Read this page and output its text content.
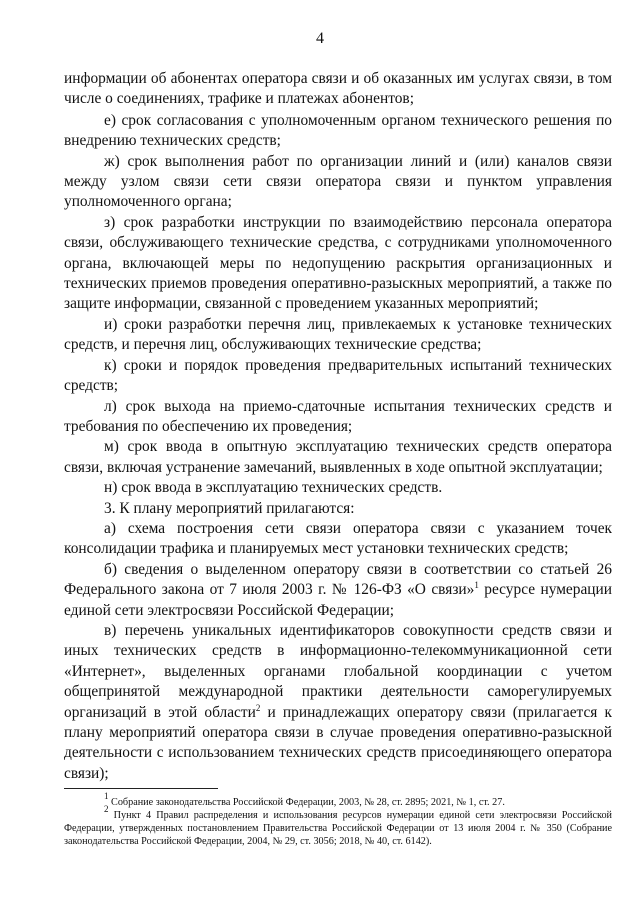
4

информации об абонентах оператора связи и об оказанных им услугах связи, в том числе о соединениях, трафике и платежах абонентов;

е) срок согласования с уполномоченным органом технического решения по внедрению технических средств;

ж) срок выполнения работ по организации линий и (или) каналов связи между узлом связи сети связи оператора связи и пунктом управления уполномоченного органа;

з) срок разработки инструкции по взаимодействию персонала оператора связи, обслуживающего технические средства, с сотрудниками уполномоченного органа, включающей меры по недопущению раскрытия организационных и технических приемов проведения оперативно-разыскных мероприятий, а также по защите информации, связанной с проведением указанных мероприятий;

и) сроки разработки перечня лиц, привлекаемых к установке технических средств, и перечня лиц, обслуживающих технические средства;

к) сроки и порядок проведения предварительных испытаний технических средств;

л) срок выхода на приемо-сдаточные испытания технических средств и требования по обеспечению их проведения;

м) срок ввода в опытную эксплуатацию технических средств оператора связи, включая устранение замечаний, выявленных в ходе опытной эксплуатации;

н) срок ввода в эксплуатацию технических средств.

3. К плану мероприятий прилагаются:

а) схема построения сети связи оператора связи с указанием точек консолидации трафика и планируемых мест установки технических средств;

б) сведения о выделенном оператору связи в соответствии со статьей 26 Федерального закона от 7 июля 2003 г. № 126-ФЗ «О связи»$^1$ ресурсе нумерации единой сети электросвязи Российской Федерации;

в) перечень уникальных идентификаторов совокупности средств связи и иных технических средств в информационно-телекоммуникационной сети «Интернет», выделенных органами глобальной координации с учетом общепринятой международной практики деятельности саморегулируемых организаций в этой области$^2$ и принадлежащих оператору связи (прилагается к плану мероприятий оператора связи в случае проведения оперативно-разыскной деятельности с использованием технических средств присоединяющего оператора связи);

$^1$ Собрание законодательства Российской Федерации, 2003, № 28, ст. 2895; 2021, № 1, ст. 27.

$^2$ Пункт 4 Правил распределения и использования ресурсов нумерации единой сети электросвязи Российской Федерации, утвержденных постановлением Правительства Российской Федерации от 13 июля 2004 г. № 350 (Собрание законодательства Российской Федерации, 2004, № 29, ст. 3056; 2018, № 40, ст. 6142).
